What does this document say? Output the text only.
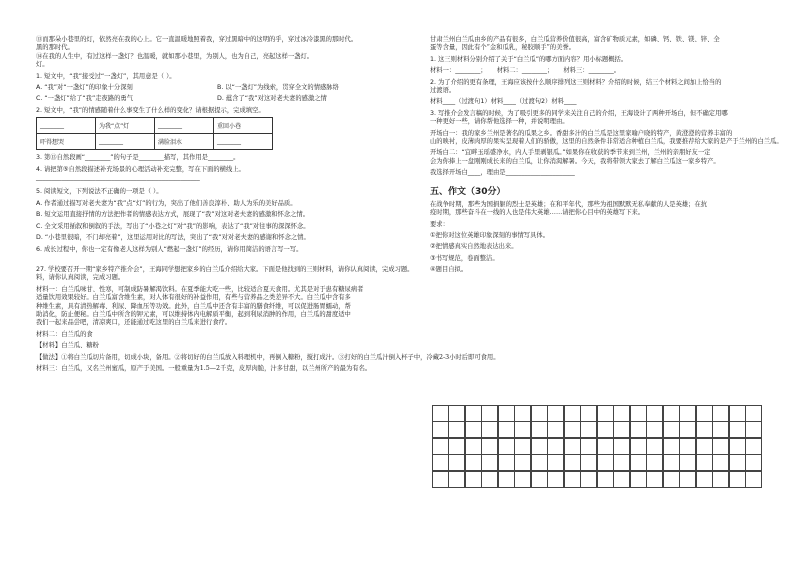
⑬而那朵小巷里的灯，依然亮在我的心上。它一直温暖地照着我，穿过黑暗中的这明的乎，穿过冰冷漆黑的那时代。
黑的那时代。
⑭在我的人生中，有过这样一盏灯？也温暖，就如那小巷里，为别人，也为自己，亮起这样一盏灯。
灯。
1. 短文中，“我”接受过“一盏灯”，其用意是（ ）。
A. “我”对“一盏灯”的印象十分深刻	B. 以“一盏灯”为线索，贯穿全文的情感脉络
C. “一盏灯”给了“我”走夜路的勇气	D. 蕴含了“我”对这对老夫妻的感激之情
2. 短文中，“我”的情感随着什么事变生了什么样的变化？请根据提示，完成填空。
________	为我“点”灯	________	重回小巷
吓得想哭	________	满脸泪水	________
3. 第⑬自然段画“________”的句子是________描写，其作用是________。
4. 请把第⑤自然段描述补充场景的心理活动补充完整，写在下面的横线上。
____________________________________________________
5. 阅读短文，下列说法不正确的一项是（ ）。
A. 作者通过描写对老夫妻为“我”点“灯”的行为，突出了他们善良淳朴、助人为乐的美好品质。
B. 短文运用直接抒情的方法把作者的情感表达方式，展现了“我”对这对老夫妻的感激和怀念之情。
C. 全文采用插叙和倒叙的手法，写出了“小巷之灯”对“我”的影响，表达了“我”对往事的深深怀念。
D. “小巷里很暗，不门却亮着”，这里运用对比的写法，突出了“我”对对老夫妻的感谢和怀念之情。
6. 成长过程中，你也一定有像老人这样为别人“燃起一盏灯”的经历，请你用简洁的语言写一写。
27. 学校要召开一期“家乡特产推介会”，王海同学想把家乡的白兰瓜介绍给大家。下面是他找到的三则材料，请你认真阅读，完成习题。
料，请你认真阅读，完成习题。
材料一：白兰瓜味甘、性寒，可制成防暑解渴饮料。在夏季能大吃一些，比较适合夏天食用。尤其是对于患有糖尿病者
适量饮用效果较好。白兰瓜富含维生素，对人体有很好的补益作用，有些与营养品之类差异不大。白兰瓜中含有多
种维生素，具有清热解毒、利尿、降血压等功效。此外，白兰瓜中还含有丰富的膳食纤维，可以促进肠胃蠕动，帮
助消化，防止便秘。白兰瓜中所含的钾元素，可以维持体内电解质平衡，起到利尿消肿的作用，白兰瓜的甜度适中
我们一起来品尝吧，清凉爽口，还能通过吃这里的白兰瓜来进行食疗。
材料二：白兰瓜的食
【材料】白兰瓜、糖粉
【做法】①将白兰瓜切片备用，切成小块，备用。②将切好的白兰瓜放入料理机中，再倒入糖粉，搅打成汁。③打好的白兰瓜汁倒入杯子中，冷藏2-3小时后即可食用。
材料三：白兰瓜，又名兰州蜜瓜，原产于美国。一般重量为1.5—2千克，皮厚肉脆，汁多甘甜，以兰州所产的最为有名。
甘肃兰州白兰瓜由乡的产品有很多，白兰瓜营养价值很高，富含矿物质元素，如磷、钙、铁、镁、锌、全
蛋等含量，因此有个“金和瓜乳，秘胶顺手”的美誉。
1. 这三则材料分别介绍了关于“白兰瓜”的哪方面内容？用小标题概括。
材料一：________； 材料二：________； 材料三：________。
2. 为了介绍的更有条理，王海应该按什么顺序排列这三则材料？介绍的时候，结三个材料之间加上恰当的
过渡语。
材料____（过渡句1）材料____（过渡句2）材料____
3. 写推介会发言稿的时候，为了吸引更多的同学来关注自己的介绍，王海设计了两种开场白，但不确定用哪
一种更好一些，请你帮他选择一种，并说明理由。
开场白一：我的家乡兰州是著名的瓜果之乡。香甜多汁的白兰瓜是这里家喻户晓的特产，黄澄澄的营养丰富的
山的映衬，皮薄肉厚的果实呈现着人们的骄傲，这里的自然条件非常适合种植白兰瓜，我要推荐给大家的是产于兰州的白兰瓜。
开场白二：“宜畔玉瑶盛净水，内人手里剥银瓜。”如果你在收获的季节来到兰州，兰州的亲朋好友一定
会为你捧上一盘刚刚成长来的白兰瓜，让你消渴解暑。今天，我将带领大家去了解白兰瓜这一家乡特产。
我选择开场白____，理由是______________________
五、作文（30分）
在战争时期，那些为国捐躯的烈士是英雄；在和平年代，那些为祖国默默无私奉献的人是英雄；在抗
疫时期，那些奋斗在一线的人也是伟大英雄……请把你心目中的英雄写下来。
要求：
①把你对这位英雄印象深刻的事情写具体。
②把情感真实自然地表达出来。
③书写规范，卷面整洁。
④题目自拟。
